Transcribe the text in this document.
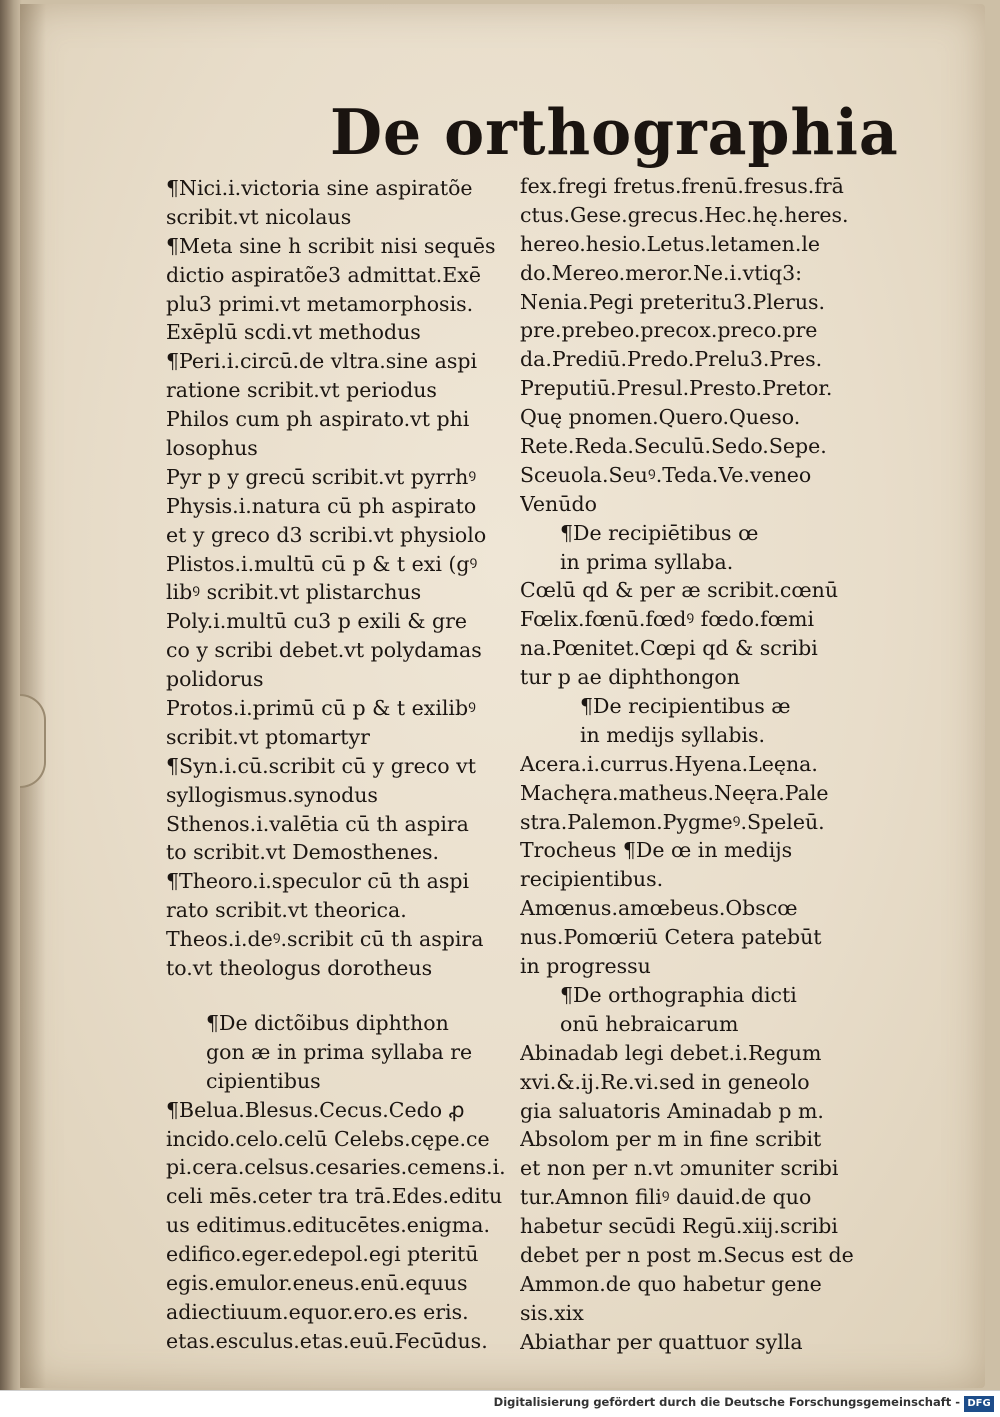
De orthographia
¶Nici.i.victoria sine aspiratõe
scribit.vt nicolaus
¶Meta sine h scribit nisi sequēs
dictio aspiratõe3 admittat.Exē
plu3 primi.vt metamorphosis.
Exēplū scdi.vt methodus
¶Peri.i.circū.de vltra.sine aspi
ratione scribit.vt periodus
Philos cum ph aspirato.vt phi
losophus
Pyr p y grecū scribit.vt pyrrhꝰ
Physis.i.natura cū ph aspirato
et y greco d3 scribi.vt physiolo
Plistos.i.multū cū p & t exi (gꝰ
libꝰ scribit.vt plistarchus
Poly.i.multū cu3 p exili & gre
co y scribi debet.vt polydamas
polidorus
Protos.i.primū cū p & t exilibꝰ
scribit.vt ptomartyr
¶Syn.i.cū.scribit cū y greco vt
syllogismus.synodus
Sthenos.i.valētia cū th aspira
to scribit.vt Demosthenes.
¶Theoro.i.speculor cū th aspi
rato scribit.vt theorica.
Theos.i.deꝰ.scribit cū th aspira
to.vt theologus dorotheus
¶De dictõibus diphthon
gon æ in prima syllaba re
cipientibus
¶Belua.Blesus.Cecus.Cedo ꝓ
incido.celo.celū Celebs.cępe.ce
pi.cera.celsus.cesaries.cemens.i.
celi mēs.ceter tra trā.Edes.editu
us editimus.editucētes.enigma.
edifico.eger.edepol.egi pteritū
egis.emulor.eneus.enū.equus
adiectiuum.equor.ero.es eris.
etas.esculus.etas.euū.Fecūdus.
fex.fregi fretus.frenū.fresus.frā
ctus.Gese.grecus.Hec.hę.heres.
hereo.hesio.Letus.letamen.le
do.Mereo.meror.Ne.i.vtiq3:
Nenia.Pegi preteritu3.Plerus.
pre.prebeo.precox.preco.pre
da.Prediū.Predo.Prelu3.Pres.
Preputiū.Presul.Presto.Pretor.
Quę pnomen.Quero.Queso.
Rete.Reda.Seculū.Sedo.Sepe.
Sceuola.Seuꝰ.Teda.Ve.veneo
Venūdo
¶De recipiētibus œ
in prima syllaba.
Cœlū qd & per æ scribit.cœnū
Fœlix.fœnū.fœdꝰ fœdo.fœmi
na.Pœnitet.Cœpi qd & scribi
tur p ae diphthongon
¶De recipientibus æ
in medijs syllabis.
Acera.i.currus.Hyena.Leęna.
Machęra.matheus.Neęra.Pale
stra.Palemon.Pygmeꝰ.Speleū.
Trocheus ¶De œ in medijs
recipientibus.
Amœnus.amœbeus.Obscœ
nus.Pomœriū Cetera patebūt
in progressu
¶De orthographia dicti
onū hebraicarum
Abinadab legi debet.i.Regum
xvi.&.ij.Re.vi.sed in geneolo
gia saluatoris Aminadab p m.
Absolom per m in fine scribit
et non per n.vt ɔmuniter scribi
tur.Amnon filiꝰ dauid.de quo
habetur secūdi Regū.xiij.scribi
debet per n post m.Secus est de
Ammon.de quo habetur gene
sis.xix
Abiathar per quattuor sylla
Digitalisierung gefördert durch die Deutsche Forschungsgemeinschaft - DFG
